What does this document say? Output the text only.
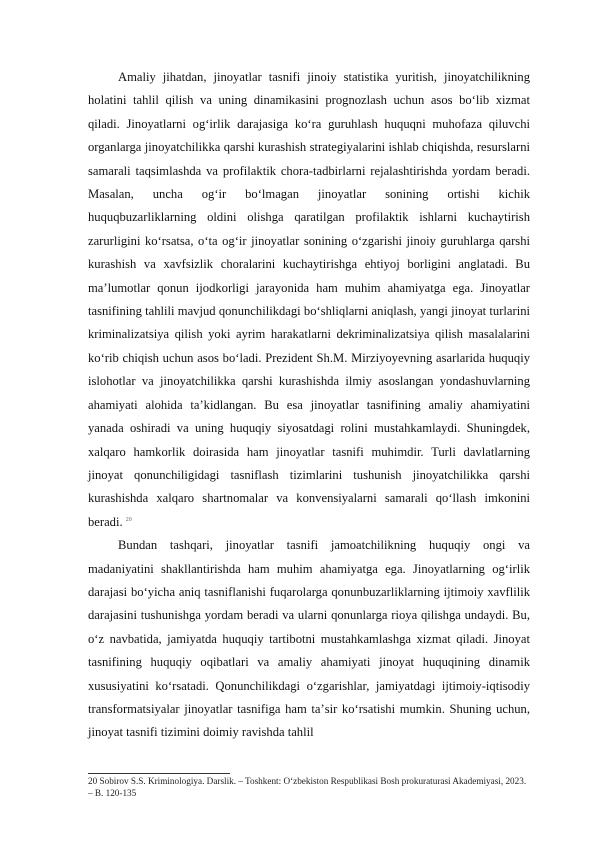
Amaliy jihatdan, jinoyatlar tasnifi jinoiy statistika yuritish, jinoyatchilikning holatini tahlil qilish va uning dinamikasini prognozlash uchun asos boʻlib xizmat qiladi. Jinoyatlarni ogʻirlik darajasiga koʻra guruhlash huquqni muhofaza qiluvchi organlarga jinoyatchilikka qarshi kurashish strategiyalarini ishlab chiqishda, resurslarni samarali taqsimlashda va profilaktik chora-tadbirlarni rejalashtirishda yordam beradi. Masalan, uncha ogʻir boʻlmagan jinoyatlar sonining ortishi kichik huquqbuzarliklarning oldini olishga qaratilgan profilaktik ishlarni kuchaytirish zarurligini koʻrsatsa, oʻta ogʻir jinoyatlar sonining oʻzgarishi jinoiy guruhlarga qarshi kurashish va xavfsizlik choralarini kuchaytirishga ehtiyoj borligini anglatadi. Bu maʼlumotlar qonun ijodkorligi jarayonida ham muhim ahamiyatga ega. Jinoyatlar tasnifining tahlili mavjud qonunchilikdagi boʻshliqlarni aniqlash, yangi jinoyat turlarini kriminalizatsiya qilish yoki ayrim harakatlarni dekriminalizatsiya qilish masalalarini koʻrib chiqish uchun asos boʻladi. Prezident Sh.M. Mirziyoyevning asarlarida huquqiy islohotlar va jinoyatchilikka qarshi kurashishda ilmiy asoslangan yondashuvlarning ahamiyati alohida taʼkidlangan. Bu esa jinoyatlar tasnifining amaliy ahamiyatini yanada oshiradi va uning huquqiy siyosatdagi rolini mustahkamlaydi. Shuningdek, xalqaro hamkorlik doirasida ham jinoyatlar tasnifi muhimdir. Turli davlatlarning jinoyat qonunchiligidagi tasniflash tizimlarini tushunish jinoyatchilikka qarshi kurashishda xalqaro shartnomalar va konvensiyalarni samarali qoʻllash imkonini beradi. $^{20}$

Bundan tashqari, jinoyatlar tasnifi jamoatchilikning huquqiy ongi va madaniyatini shakllantirishda ham muhim ahamiyatga ega. Jinoyatlarning ogʻirlik darajasi boʻyicha aniq tasniflanishi fuqarolarga qonunbuzarliklarning ijtimoiy xavflilik darajasini tushunishga yordam beradi va ularni qonunlarga rioya qilishga undaydi. Bu, oʻz navbatida, jamiyatda huquqiy tartibotni mustahkamlashga xizmat qiladi. Jinoyat tasnifining huquqiy oqibatlari va amaliy ahamiyati jinoyat huquqining dinamik xususiyatini koʻrsatadi. Qonunchilikdagi oʻzgarishlar, jamiyatdagi ijtimoiy-iqtisodiy transformatsiyalar jinoyatlar tasnifiga ham taʼsir koʻrsatishi mumkin. Shuning uchun, jinoyat tasnifi tizimini doimiy ravishda tahlil

20 Sobirov S.S. Kriminologiya. Darslik. – Toshkent: Oʻzbekiston Respublikasi Bosh prokuraturasi Akademiyasi, 2023. – B. 120-135
